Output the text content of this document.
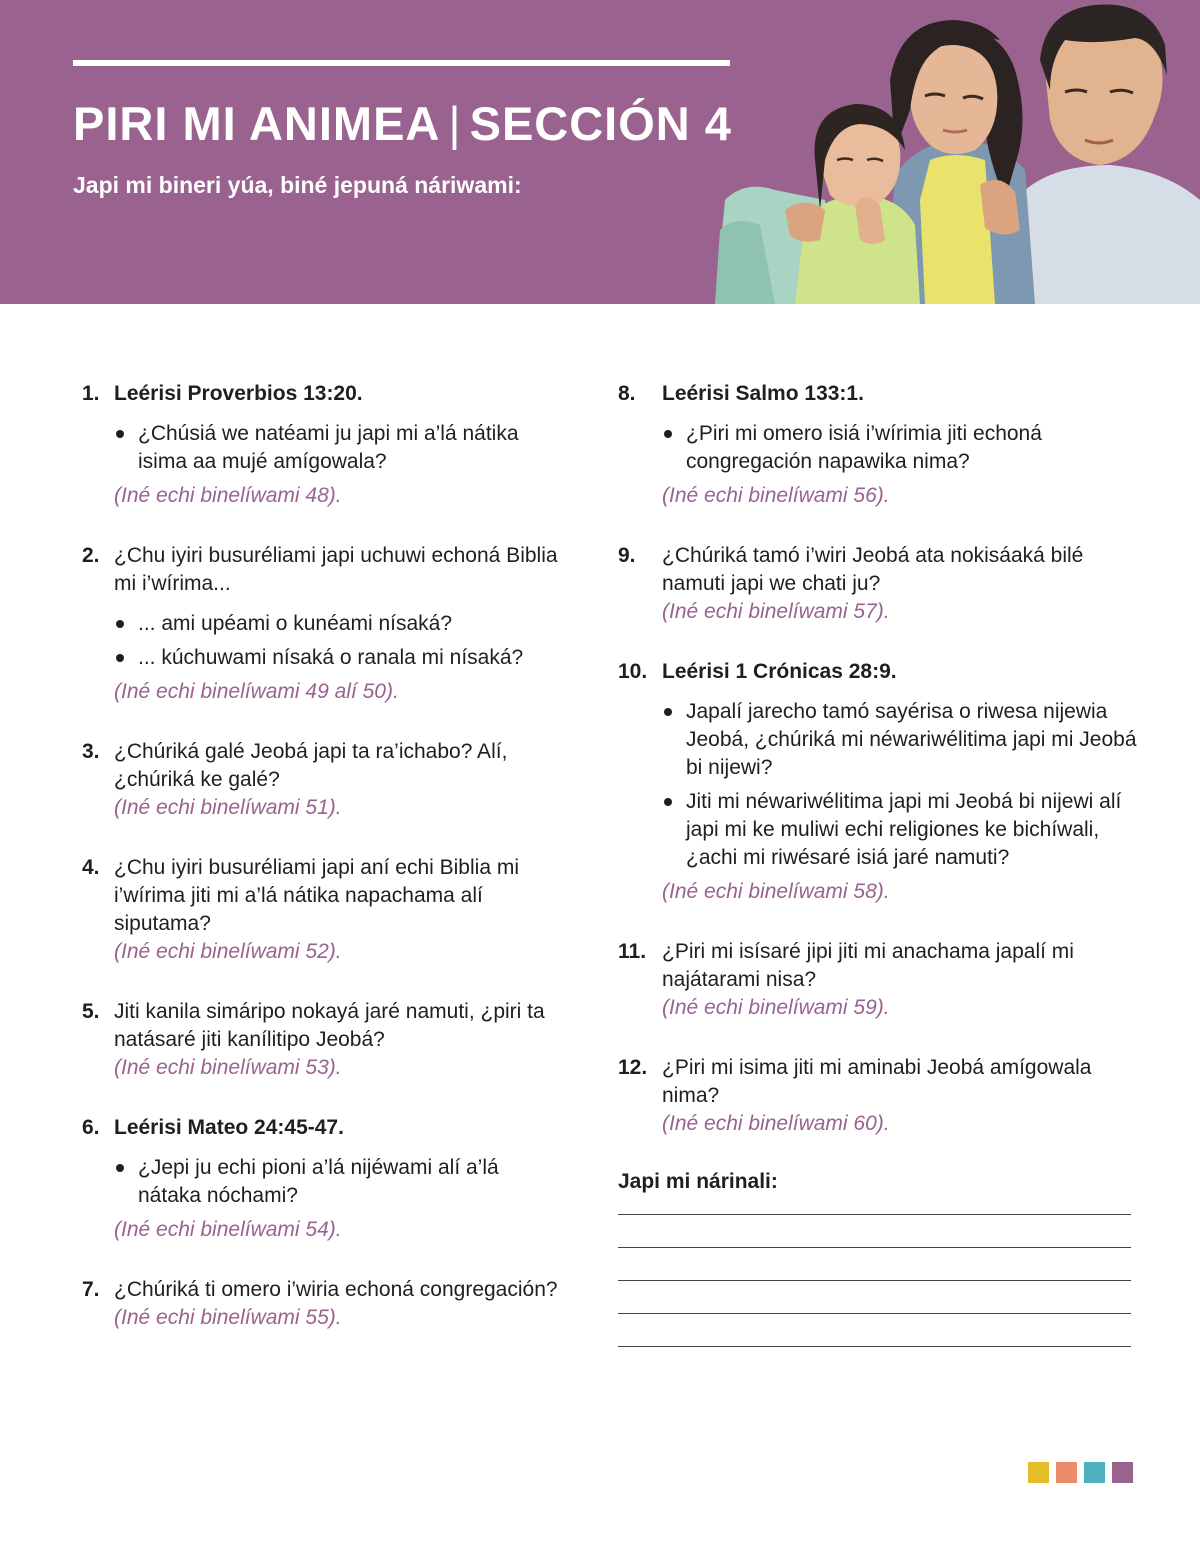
PIRI MI ANIMEA | SECCIÓN 4

Japi mi bineri yúa, biné jepuná náriwami:

1. Leérisi Proverbios 13:20.
¿Chúsiá we natéami ju japi mi a’lá nátika isima aa mujé amígowala?
(Iné echi binelíwami 48).
2. ¿Chu iyiri busuréliami japi uchuwi echoná Biblia mi i’wírima...
... ami upéami o kunéami nísaká?
... kúchuwami nísaká o ranala mi nísaká?
(Iné echi binelíwami 49 alí 50).
3. ¿Chúriká galé Jeobá japi ta ra’ichabo? Alí, ¿chúriká ke galé?
(Iné echi binelíwami 51).
4. ¿Chu iyiri busuréliami japi aní echi Biblia mi i’wírima jiti mi a’lá nátika napachama alí siputama?
(Iné echi binelíwami 52).
5. Jiti kanila simáripo nokayá jaré namuti, ¿piri ta natásaré jiti kanílitipo Jeobá?
(Iné echi binelíwami 53).
6. Leérisi Mateo 24:45-47.
¿Jepi ju echi pioni a’lá nijéwami alí a’lá nátaka nóchami?
(Iné echi binelíwami 54).
7. ¿Chúriká ti omero i’wiria echoná congregación?
(Iné echi binelíwami 55).
8. Leérisi Salmo 133:1.
¿Piri mi omero isiá i’wírimia jiti echoná congregación napawika nima?
(Iné echi binelíwami 56).
9. ¿Chúriká tamó i’wiri Jeobá ata nokisáaká bilé namuti japi we chati ju?
(Iné echi binelíwami 57).
10. Leérisi 1 Crónicas 28:9.
Japalí jarecho tamó sayérisa o riwesa nijewia Jeobá, ¿chúriká mi néwariwélitima japi mi Jeobá bi nijewi?
Jiti mi néwariwélitima japi mi Jeobá bi nijewi alí japi mi ke muliwi echi religiones ke bichíwali, ¿achi mi riwésaré isiá jaré namuti?
(Iné echi binelíwami 58).
11. ¿Piri mi isísaré jipi jiti mi anachama japalí mi najátarami nisa?
(Iné echi binelíwami 59).
12. ¿Piri mi isima jiti mi aminabi Jeobá amígowala nima?
(Iné echi binelíwami 60).
Japi mi nárinali:
